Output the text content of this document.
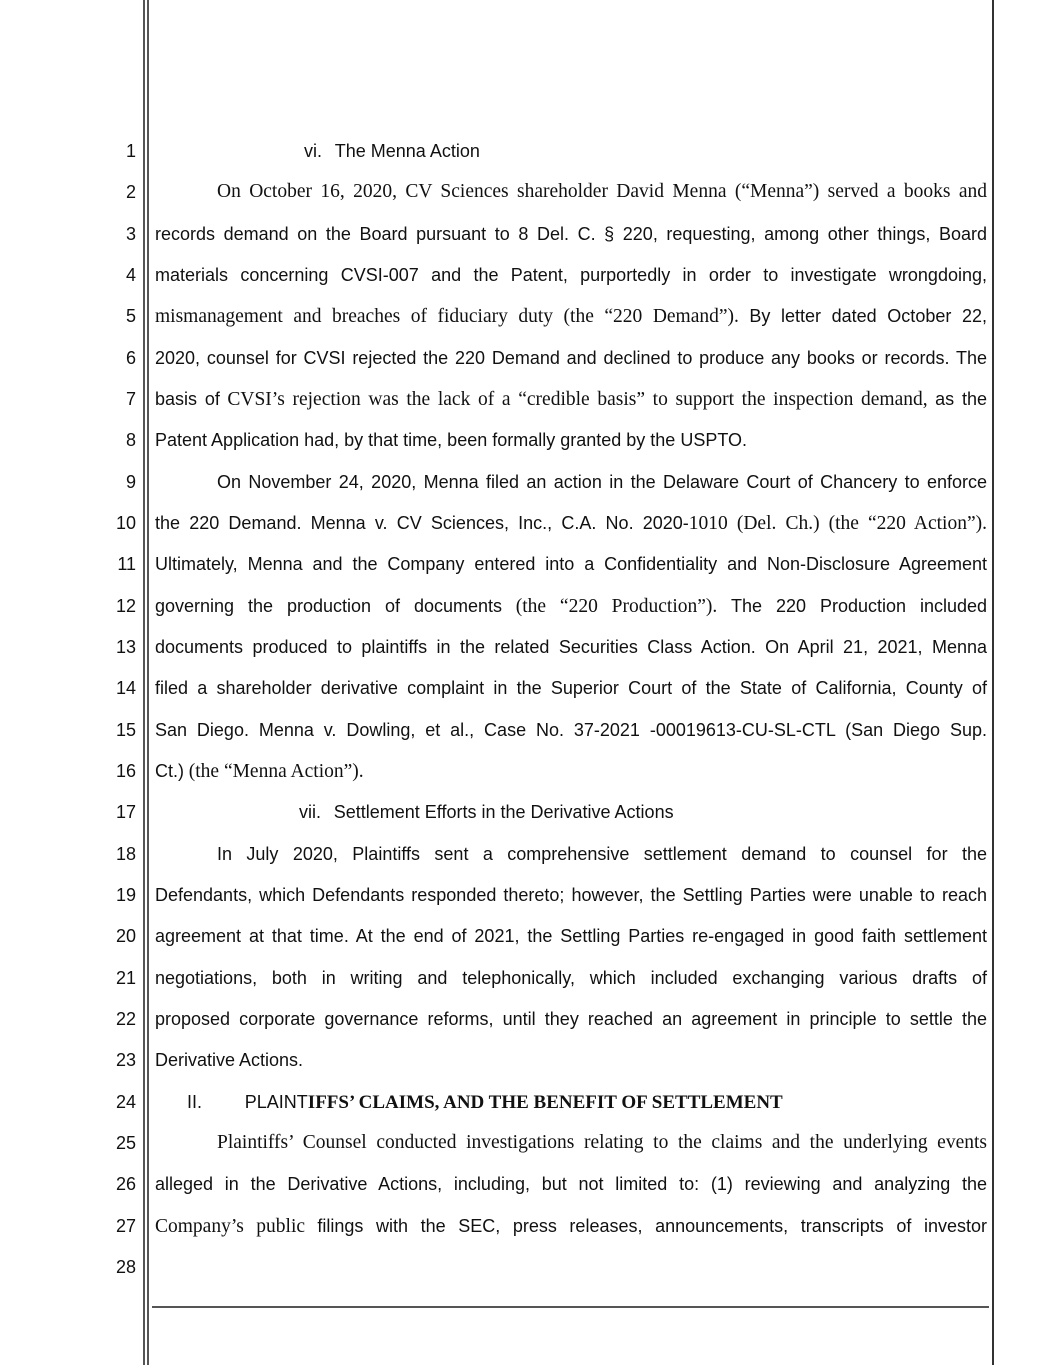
1
2
3
4
5
6
7
8
9
10
11
12
13
14
15
16
17
18
19
20
21
22
23
24
25
26
27
28
vi. The Menna Action
On October 16, 2020, CV Sciences shareholder David Menna (“Menna”) served a books and
records demand on the Board pursuant to 8 Del. C. § 220, requesting, among other things, Board
materials concerning CVSI-007 and the Patent, purportedly in order to investigate wrongdoing,
mismanagement and breaches of fiduciary duty (the “220 Demand”). By letter dated October 22,
2020, counsel for CVSI rejected the 220 Demand and declined to produce any books or records. The
basis of CVSI’s rejection was the lack of a “credible basis” to support the inspection demand, as the
Patent Application had, by that time, been formally granted by the USPTO.
On November 24, 2020, Menna filed an action in the Delaware Court of Chancery to enforce
the 220 Demand. Menna v. CV Sciences, Inc., C.A. No. 2020-1010 (Del. Ch.) (the “220 Action”).
Ultimately, Menna and the Company entered into a Confidentiality and Non-Disclosure Agreement
governing the production of documents (the “220 Production”). The 220 Production included
documents produced to plaintiffs in the related Securities Class Action. On April 21, 2021, Menna
filed a shareholder derivative complaint in the Superior Court of the State of California, County of
San Diego. Menna v. Dowling, et al., Case No. 37-2021 -00019613-CU-SL-CTL (San Diego Sup.
Ct.) (the “Menna Action”).
vii. Settlement Efforts in the Derivative Actions
In July 2020, Plaintiffs sent a comprehensive settlement demand to counsel for the
Defendants, which Defendants responded thereto; however, the Settling Parties were unable to reach
agreement at that time. At the end of 2021, the Settling Parties re-engaged in good faith settlement
negotiations, both in writing and telephonically, which included exchanging various drafts of
proposed corporate governance reforms, until they reached an agreement in principle to settle the
Derivative Actions.
II. PLAINTIFFS’ CLAIMS, AND THE BENEFIT OF SETTLEMENT
Plaintiffs’ Counsel conducted investigations relating to the claims and the underlying events
alleged in the Derivative Actions, including, but not limited to: (1) reviewing and analyzing the
Company’s public filings with the SEC, press releases, announcements, transcripts of investor
